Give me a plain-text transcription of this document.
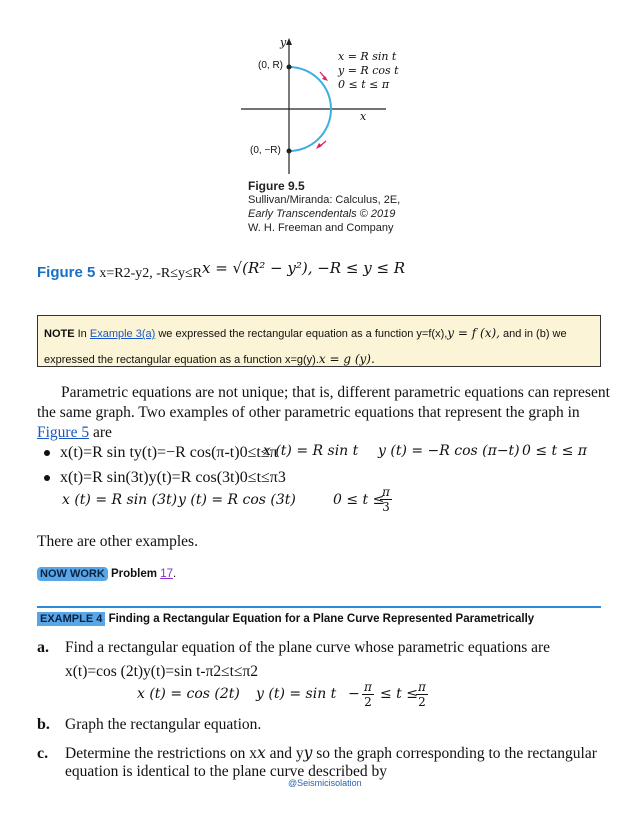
y
x
(0, R)
(0, −R)
x = R sin t
y = R cos t
0 ≤ t ≤ π
Figure 9.5
Sullivan/Miranda: Calculus, 2E,
Early Transcendentals © 2019
W. H. Freeman and Company
Figure 5 x=R2-y2, -R≤y≤Rx = √(R² − y²), −R ≤ y ≤ R
NOTE In Example 3(a) we expressed the rectangular equation as a function y=f(x),y = f (x), and in (b) we
expressed the rectangular equation as a function x=g(y).x = g (y).
Parametric equations are not unique; that is, different parametric equations can represent
the same graph. Two examples of other parametric equations that represent the graph in
Figure 5 are
x(t)=R sin ty(t)=−R cos(π-t)0≤t≤π
x (t) = R sin t y (t) = −R cos (π−t) 0 ≤ t ≤ π
x(t)=R sin(3t)y(t)=R cos(3t)0≤t≤π3
x (t) = R sin (3t) y (t) = R cos (3t)	0 ≤ t ≤
$\frac{\pi}{3}$
There are other examples.
NOW WORK Problem 17.
EXAMPLE 4 Finding a Rectangular Equation for a Plane Curve Represented Parametrically
a. Find a rectangular equation of the plane curve whose parametric equations are
x(t)=cos (2t)y(t)=sin t-π2≤t≤π2
x (t) = cos (2t) y $(t) = \sin t - \frac{\pi}{2} \le t$ ≤
$\frac{\pi}{2}$
b. Graph the rectangular equation.
c. Determine the restrictions on xx and yy so the graph corresponding to the rectangular
equation is identical to the plane curve described by
@Seismicisolation
